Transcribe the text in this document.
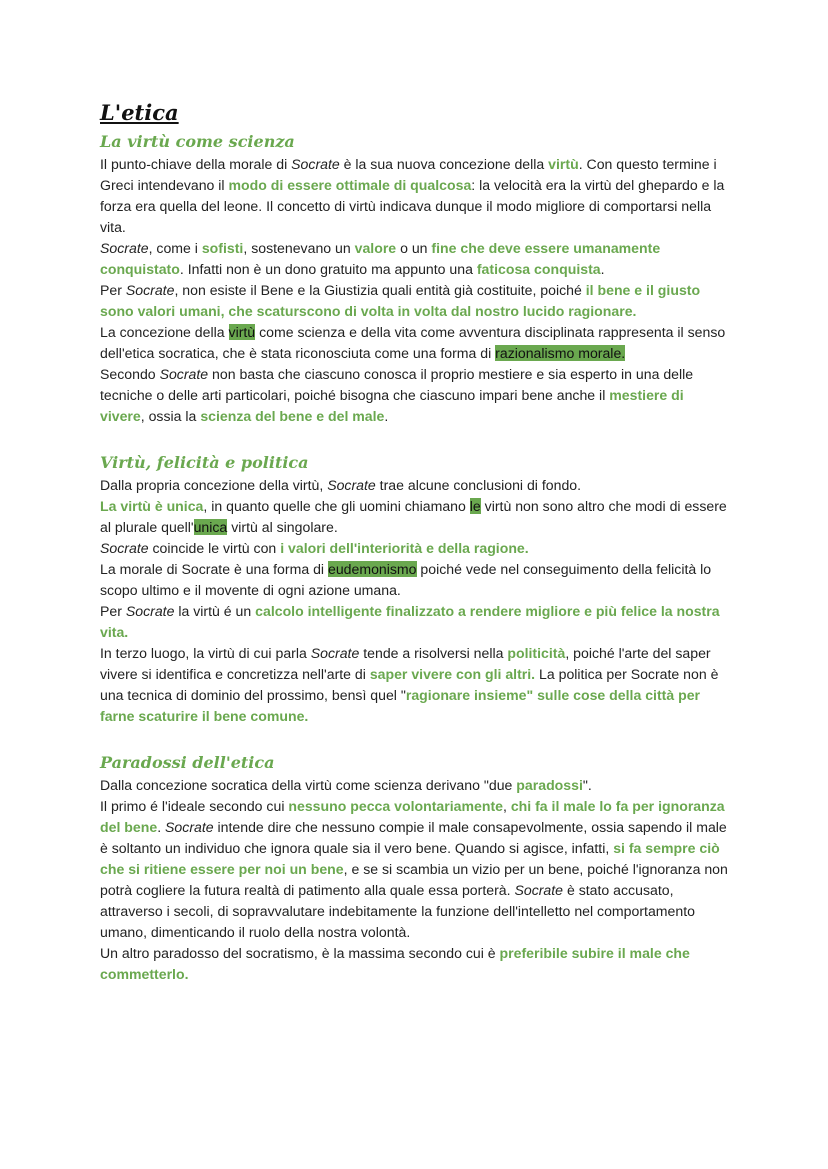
L'etica
La virtù come scienza

Il punto-chiave della morale di Socrate è la sua nuova concezione della virtù. Con questo termine i Greci intendevano il modo di essere ottimale di qualcosa: la velocità era la virtù del ghepardo e la forza era quella del leone. Il concetto di virtù indicava dunque il modo migliore di comportarsi nella vita.

Socrate, come i sofisti, sostenevano un valore o un fine che deve essere umanamente conquistato. Infatti non è un dono gratuito ma appunto una faticosa conquista.

Per Socrate, non esiste il Bene e la Giustizia quali entità già costituite, poiché il bene e il giusto sono valori umani, che scaturscono di volta in volta dal nostro lucido ragionare.

La concezione della virtù come scienza e della vita come avventura disciplinata rappresenta il senso dell'etica socratica, che è stata riconosciuta come una forma di razionalismo morale.

Secondo Socrate non basta che ciascuno conosca il proprio mestiere e sia esperto in una delle tecniche o delle arti particolari, poiché bisogna che ciascuno impari bene anche il mestiere di vivere, ossia la scienza del bene e del male.

Virtù, felicità e politica

Dalla propria concezione della virtù, Socrate trae alcune conclusioni di fondo.

La virtù è unica, in quanto quelle che gli uomini chiamano le virtù non sono altro che modi di essere al plurale quell'unica virtù al singolare.

Socrate coincide le virtù con i valori dell'interiorità e della ragione.

La morale di Socrate è una forma di eudemonismo poiché vede nel conseguimento della felicità lo scopo ultimo e il movente di ogni azione umana.

Per Socrate la virtù é un calcolo intelligente finalizzato a rendere migliore e più felice la nostra vita.

In terzo luogo, la virtù di cui parla Socrate tende a risolversi nella politicità, poiché l'arte del saper vivere si identifica e concretizza nell'arte di saper vivere con gli altri. La politica per Socrate non è una tecnica di dominio del prossimo, bensì quel "ragionare insieme" sulle cose della città per farne scaturire il bene comune.

Paradossi dell'etica

Dalla concezione socratica della virtù come scienza derivano "due paradossi".

Il primo é l'ideale secondo cui nessuno pecca volontariamente, chi fa il male lo fa per ignoranza del bene. Socrate intende dire che nessuno compie il male consapevolmente, ossia sapendo il male è soltanto un individuo che ignora quale sia il vero bene. Quando si agisce, infatti, si fa sempre ciò che si ritiene essere per noi un bene, e se si scambia un vizio per un bene, poiché l'ignoranza non potrà cogliere la futura realtà di patimento alla quale essa porterà. Socrate è stato accusato, attraverso i secoli, di sopravvalutare indebitamente la funzione dell'intelletto nel comportamento umano, dimenticando il ruolo della nostra volontà.

Un altro paradosso del socratismo, è la massima secondo cui è preferibile subire il male che commetterlo.
